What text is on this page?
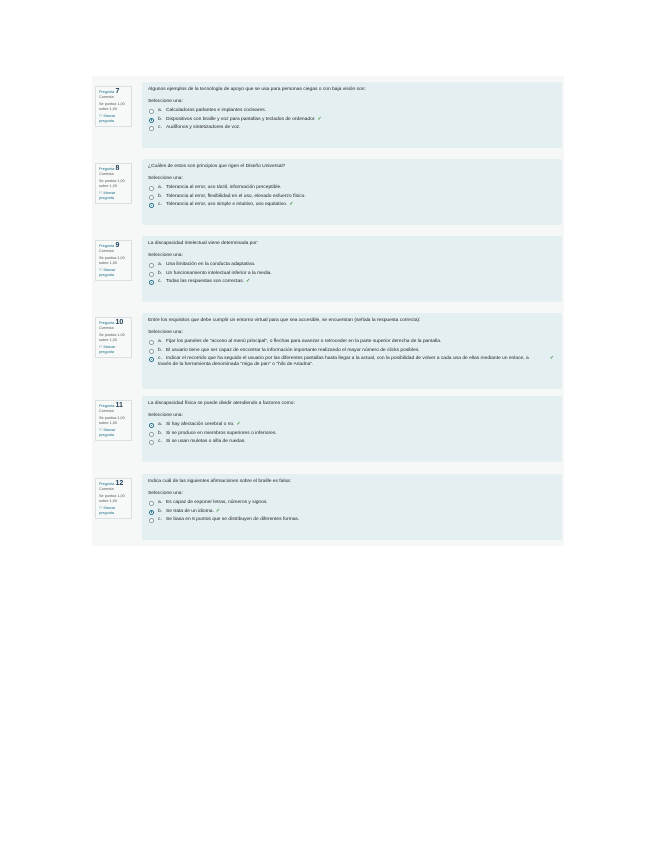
Pregunta 7
Correcta
Se puntúa 1,00 sobre 1,00
⚐ Marcar pregunta
Algunos ejemplos de la tecnología de apoyo que se usa para personas ciegas o con baja visión son:
Seleccione una:
a. Calculadoras parlantes e implantes cocleares.
b. Dispositivos con braille y voz para pantallas y teclados de ordenador. ✓
c. Audífonos y sintetizadores de voz.
Pregunta 8
Correcta
Se puntúa 1,00 sobre 1,00
⚐ Marcar pregunta
¿Cuáles de estos son principios que rigen el Diseño Universal?
Seleccione una:
a. Tolerancia al error, uso táctil, información perceptible.
b. Tolerancia al error, flexibilidad en el uso, elevado esfuerzo físico.
c. Tolerancia al error, uso simple e intuitivo, uso equitativo. ✓
Pregunta 9
Correcta
Se puntúa 1,00 sobre 1,00
⚐ Marcar pregunta
La discapacidad intelectual viene determinada por:
Seleccione una:
a. Una limitación en la conducta adaptativa.
b. Un funcionamiento intelectual inferior a la media.
c. Todas las respuestas son correctas. ✓
Pregunta 10
Correcta
Se puntúa 1,00 sobre 1,00
⚐ Marcar pregunta
Entre los requisitos que debe cumplir un entorno virtual para que sea accesible, se encuentran (señala la respuesta correcta):
Seleccione una:
a. Fijar los paneles de "acceso al menú principal", o flechas para avanzar o retroceder en la parte superior derecha de la pantalla.
b. El usuario tiene que ser capaz de encontrar la información importante realizando el mayor número de clicks posibles.
c. Indicar el recorrido que ha seguido el usuario por las diferentes pantallas hasta llegar a la actual, con la posibilidad de volver a cada una de ellas mediante un enlace, a través de la herramienta denominada "miga de pan" o "hilo de Ariadna".
✓
Pregunta 11
Correcta
Se puntúa 1,00 sobre 1,00
⚐ Marcar pregunta
La discapacidad física se puede dividir atendiendo a factores como:
Seleccione una:
a. Si hay afectación cerebral o no. ✓
b. Si se produce en miembros superiores o inferiores.
c. Si se usan muletas o silla de ruedas.
Pregunta 12
Correcta
Se puntúa 1,00 sobre 1,00
⚐ Marcar pregunta
Indica cuál de las siguientes afirmaciones sobre el braille es falsa:
Seleccione una:
a. Es capaz de exponer letras, números y signos.
b. Se trata de un idioma. ✓
c. Se basa en 6 puntos que se distribuyen de diferentes formas.
